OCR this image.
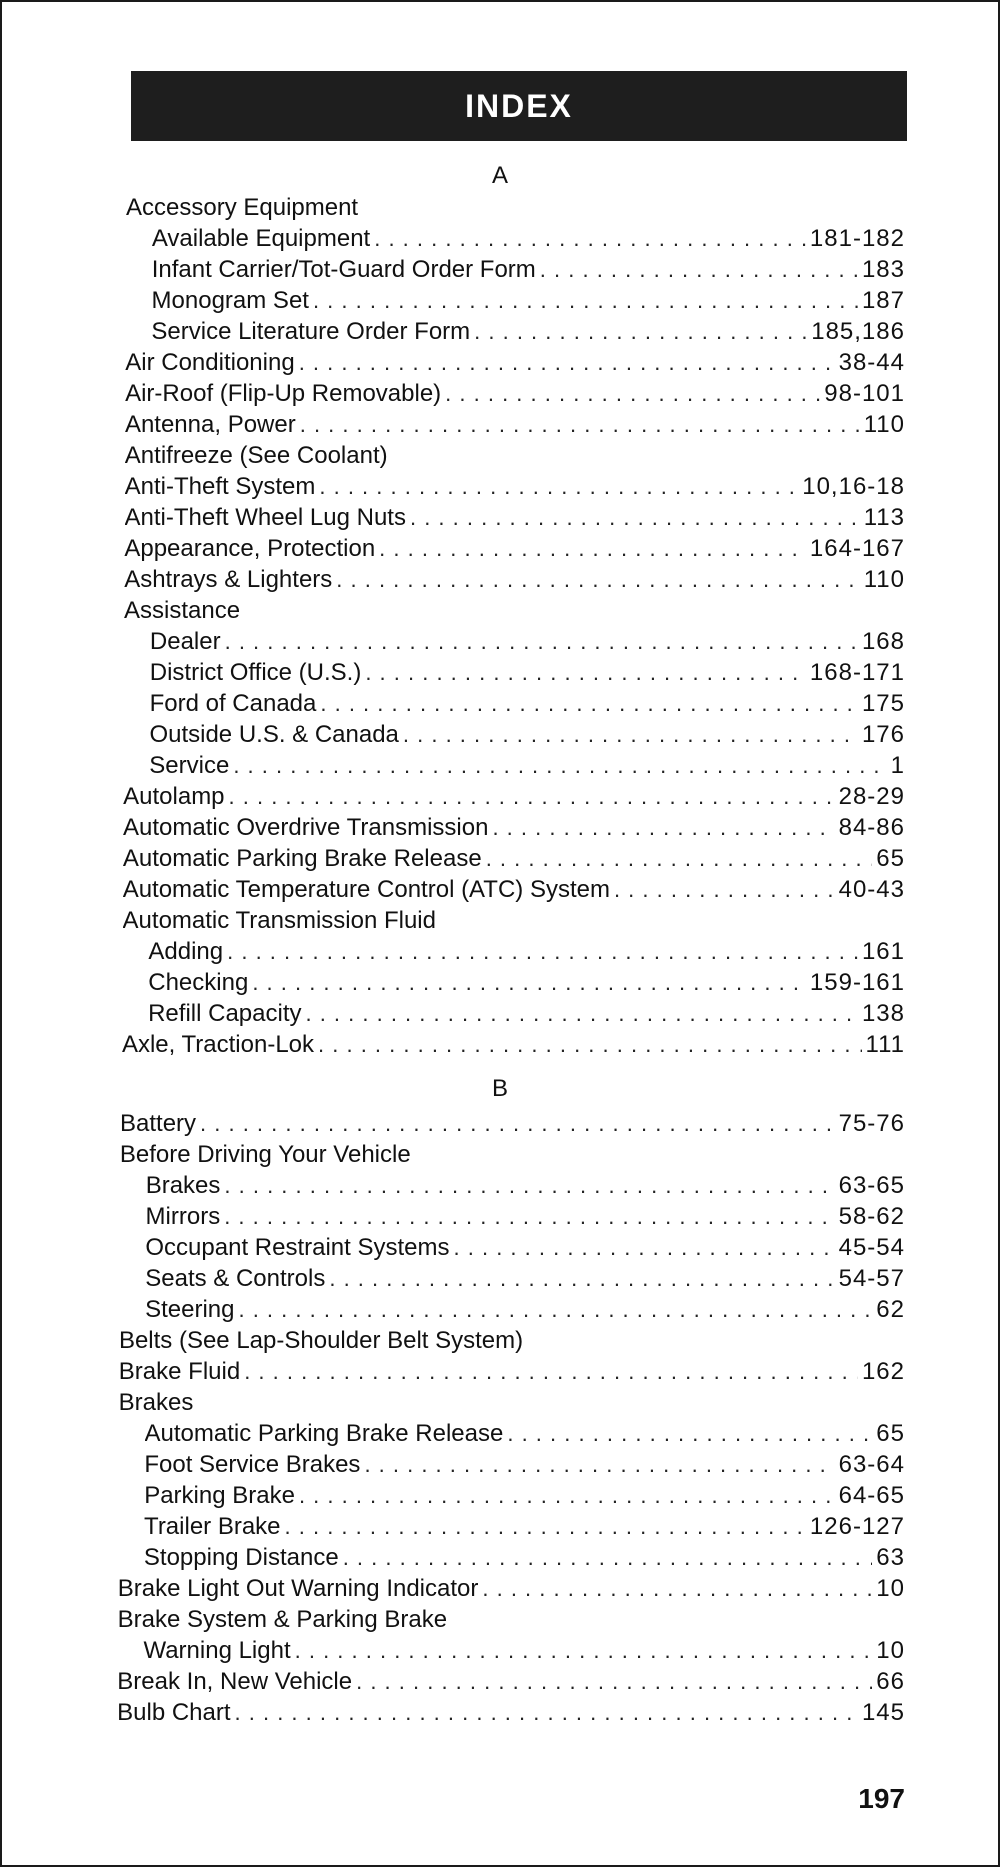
INDEX
A
Accessory Equipment
Available Equipment . . .	181-182
Infant Carrier/Tot-Guard Order Form . . .	183
Monogram Set . . .	187
Service Literature Order Form . . .	185,186
Air Conditioning . . .	38-44
Air-Roof (Flip-Up Removable) . . .	98-101
Antenna, Power . . .	110
Antifreeze (See Coolant)
Anti-Theft System . . .	10,16-18
Anti-Theft Wheel Lug Nuts . . .	113
Appearance, Protection . . .	164-167
Ashtrays & Lighters . . .	110
Assistance
Dealer . . .	168
District Office (U.S.) . . .	168-171
Ford of Canada . . .	175
Outside U.S. & Canada . . .	176
Service . . .	1
Autolamp . . .	28-29
Automatic Overdrive Transmission . . .	84-86
Automatic Parking Brake Release . . .	65
Automatic Temperature Control (ATC) System . . .	40-43
Automatic Transmission Fluid
Adding . . .	161
Checking . . .	159-161
Refill Capacity . . .	138
Axle, Traction-Lok . . .	111
B
Battery . . .	75-76
Before Driving Your Vehicle
Brakes . . .	63-65
Mirrors . . .	58-62
Occupant Restraint Systems . . .	45-54
Seats & Controls . . .	54-57
Steering . . .	62
Belts (See Lap-Shoulder Belt System)
Brake Fluid . . .	162
Brakes
Automatic Parking Brake Release . . .	65
Foot Service Brakes . . .	63-64
Parking Brake . . .	64-65
Trailer Brake . . .	126-127
Stopping Distance . . .	63
Brake Light Out Warning Indicator . . .	10
Brake System & Parking Brake
Warning Light . . .	10
Break In, New Vehicle . . .	66
Bulb Chart . . .	145
197
